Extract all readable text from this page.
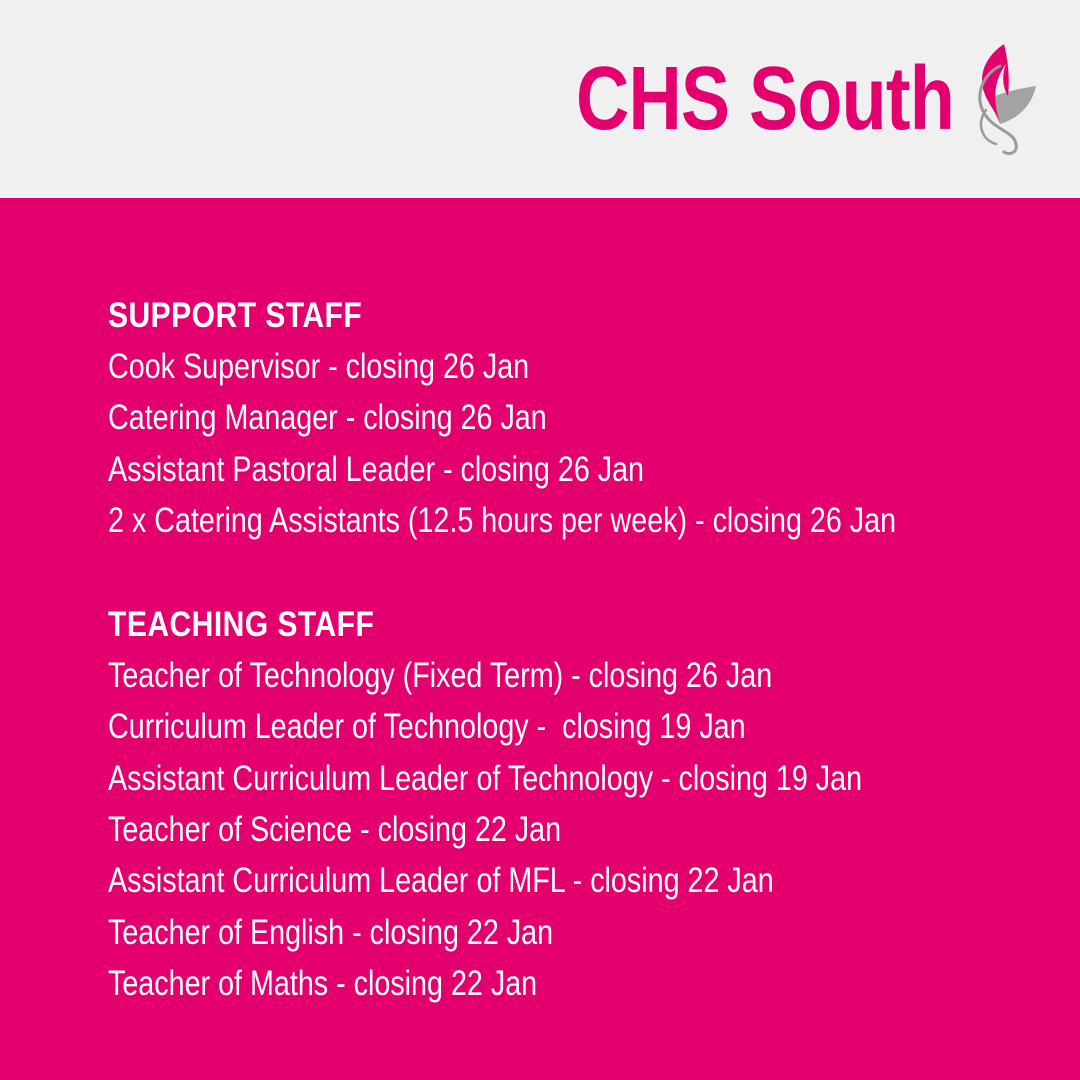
CHS South
SUPPORT STAFF
Cook Supervisor - closing 26 Jan
Catering Manager - closing 26 Jan
Assistant Pastoral Leader - closing 26 Jan
2 x Catering Assistants (12.5 hours per week) - closing 26 Jan
TEACHING STAFF
Teacher of Technology (Fixed Term) - closing 26 Jan
Curriculum Leader of Technology -  closing 19 Jan
Assistant Curriculum Leader of Technology - closing 19 Jan
Teacher of Science - closing 22 Jan
Assistant Curriculum Leader of MFL - closing 22 Jan
Teacher of English - closing 22 Jan
Teacher of Maths - closing 22 Jan
